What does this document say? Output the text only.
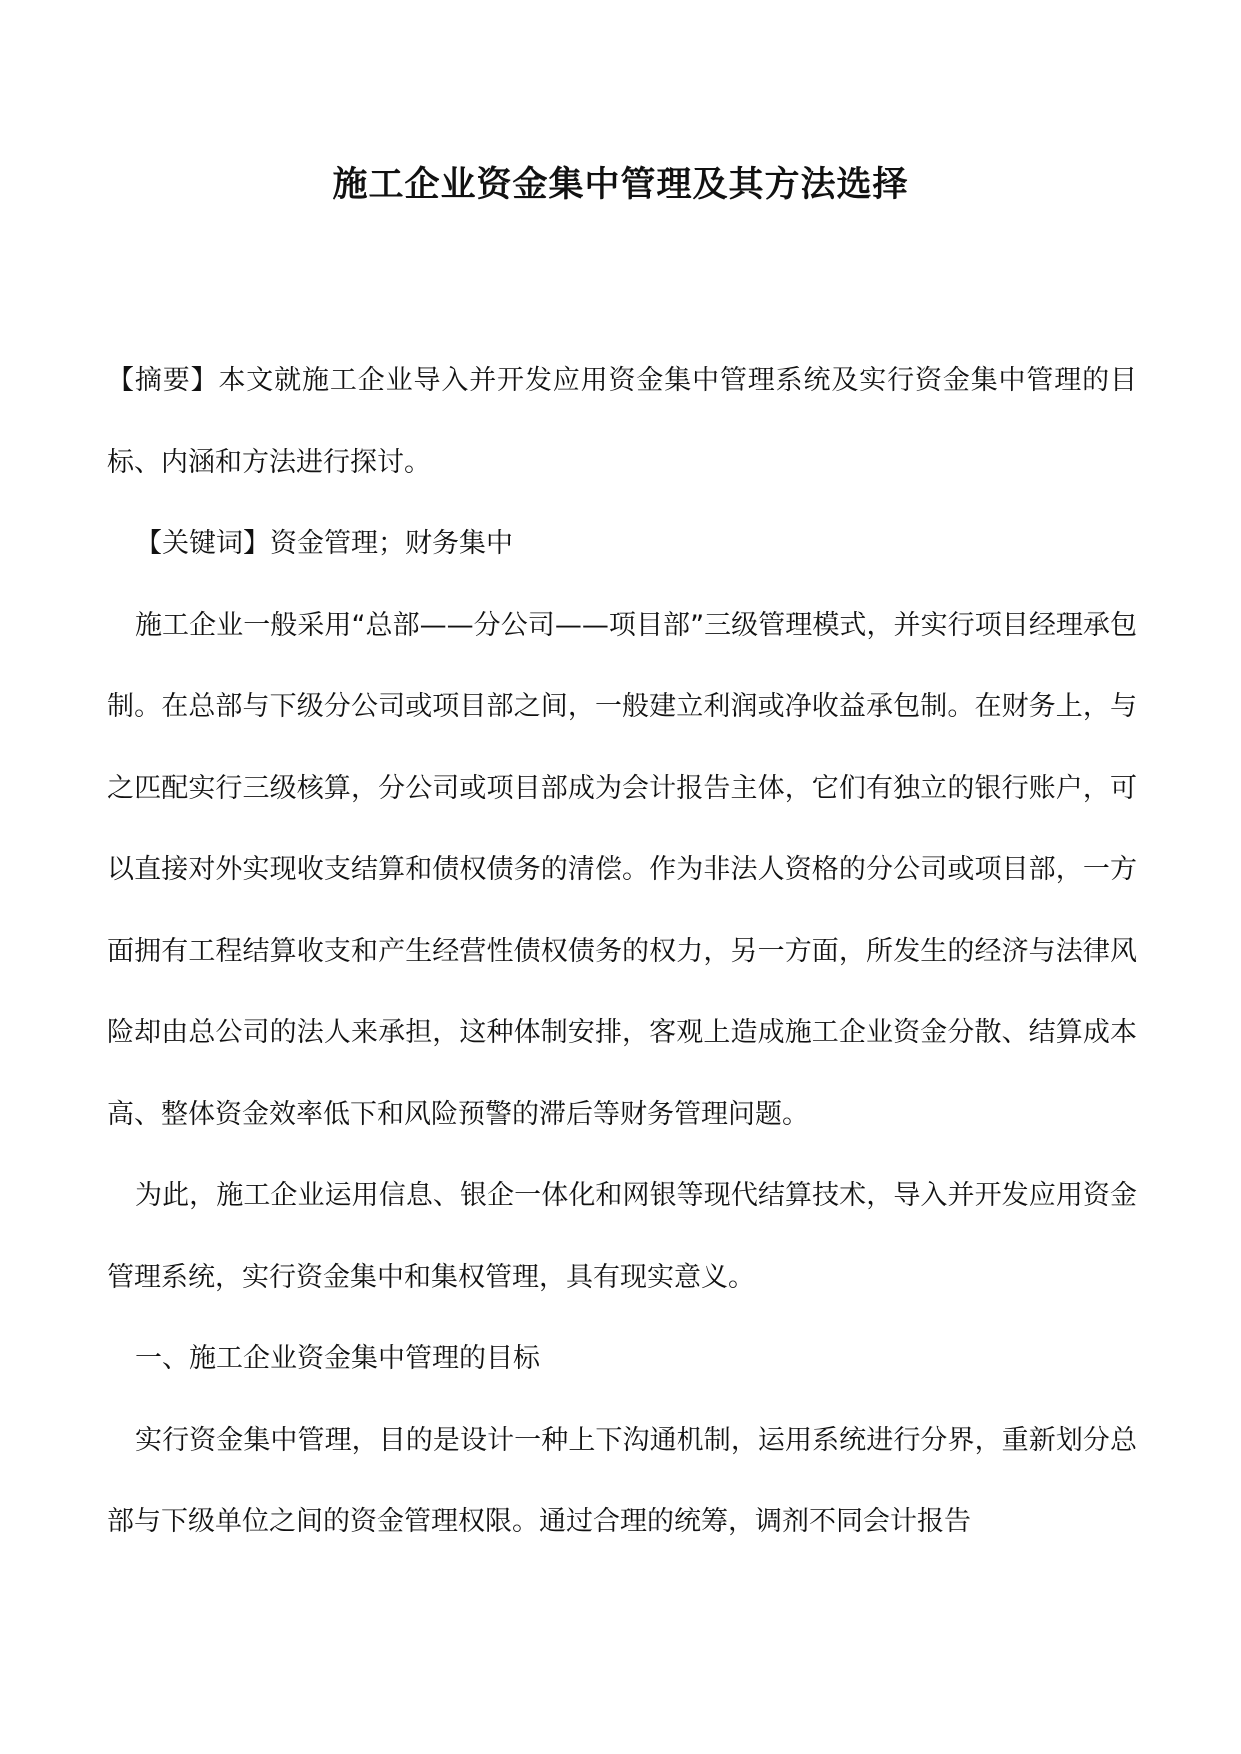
施工企业资金集中管理及其方法选择

【摘要】本文就施工企业导入并开发应用资金集中管理系统及实行资金集中管理的目标、内涵和方法进行探讨。

【关键词】资金管理；财务集中

施工企业一般采用“总部——分公司——项目部”三级管理模式，并实行项目经理承包制。在总部与下级分公司或项目部之间，一般建立利润或净收益承包制。在财务上，与之匹配实行三级核算，分公司或项目部成为会计报告主体，它们有独立的银行账户，可以直接对外实现收支结算和债权债务的清偿。作为非法人资格的分公司或项目部，一方面拥有工程结算收支和产生经营性债权债务的权力，另一方面，所发生的经济与法律风险却由总公司的法人来承担，这种体制安排，客观上造成施工企业资金分散、结算成本高、整体资金效率低下和风险预警的滞后等财务管理问题。

为此，施工企业运用信息、银企一体化和网银等现代结算技术，导入并开发应用资金管理系统，实行资金集中和集权管理，具有现实意义。

一、施工企业资金集中管理的目标

实行资金集中管理，目的是设计一种上下沟通机制，运用系统进行分界，重新划分总部与下级单位之间的资金管理权限。通过合理的统筹，调剂不同会计报告
